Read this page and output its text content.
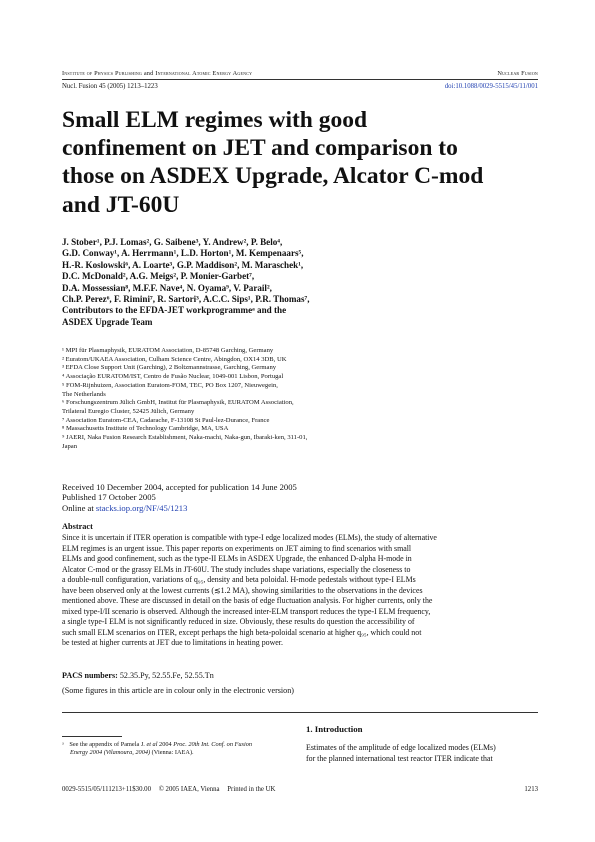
Institute of Physics Publishing and International Atomic Energy Agency	Nuclear Fusion
Nucl. Fusion 45 (2005) 1213–1223	doi:10.1088/0029-5515/45/11/001
Small ELM regimes with good
confinement on JET and comparison to
those on ASDEX Upgrade, Alcator C-mod
and JT-60U
J. Stober¹, P.J. Lomas², G. Saibene³, Y. Andrew², P. Belo⁴,
G.D. Conway¹, A. Herrmann¹, L.D. Horton¹, M. Kempenaars⁵,
H.-R. Koslowski⁶, A. Loarte³, G.P. Maddison², M. Maraschek¹,
D.C. McDonald², A.G. Meigs², P. Monier-Garbet⁷,
D.A. Mossessian⁸, M.F.F. Nave⁴, N. Oyama⁹, V. Parail²,
Ch.P. Perez⁶, F. Rimini⁷, R. Sartori³, A.C.C. Sips¹, P.R. Thomas⁷,
Contributors to the EFDA-JET workprogrammeᵃ and the
ASDEX Upgrade Team
¹ MPI für Plasmaphysik, EURATOM Association, D-85748 Garching, Germany
² Euratom/UKAEA Association, Culham Science Centre, Abingdon, OX14 3DB, UK
³ EFDA Close Support Unit (Garching), 2 Boltzmannstrasse, Garching, Germany
⁴ Associação EURATOM/IST, Centro de Fusão Nuclear, 1049-001 Lisbon, Portugal
⁵ FOM-Rijnhuizen, Association Euratom-FOM, TEC, PO Box 1207, Nieuwegein,
The Netherlands
⁶ Forschungszentrum Jülich GmbH, Institut für Plasmaphysik, EURATOM Association,
Trilateral Euregio Cluster, 52425 Jülich, Germany
⁷ Association Euratom-CEA, Cadarache, F-13108 St Paul-lez-Durance, France
⁸ Massachusetts Institute of Technology Cambridge, MA, USA
⁹ JAERI, Naka Fusion Research Establishment, Naka-machi, Naka-gun, Ibaraki-ken, 311-01,
Japan
Received 10 December 2004, accepted for publication 14 June 2005
Published 17 October 2005
Online at stacks.iop.org/NF/45/1213
Abstract
Since it is uncertain if ITER operation is compatible with type-I edge localized modes (ELMs), the study of alternative
ELM regimes is an urgent issue. This paper reports on experiments on JET aiming to find scenarios with small
ELMs and good confinement, such as the type-II ELMs in ASDEX Upgrade, the enhanced D-alpha H-mode in
Alcator C-mod or the grassy ELMs in JT-60U. The study includes shape variations, especially the closeness to
a double-null configuration, variations of q₉₅, density and beta poloidal. H-mode pedestals without type-I ELMs
have been observed only at the lowest currents (≲1.2 MA), showing similarities to the observations in the devices
mentioned above. These are discussed in detail on the basis of edge fluctuation analysis. For higher currents, only the
mixed type-I/II scenario is observed. Although the increased inter-ELM transport reduces the type-I ELM frequency,
a single type-I ELM is not significantly reduced in size. Obviously, these results do question the accessibility of
such small ELM scenarios on ITER, except perhaps the high beta-poloidal scenario at higher q₉₅, which could not
be tested at higher currents at JET due to limitations in heating power.
PACS numbers: 52.35.Py, 52.55.Fe, 52.55.Tn
(Some figures in this article are in colour only in the electronic version)
1. Introduction
Estimates of the amplitude of edge localized modes (ELMs)
for the planned international test reactor ITER indicate that
ᵃ See the appendix of Pamela J. et al 2004 Proc. 20th Int. Conf. on Fusion
Energy 2004 (Vilamoura, 2004) (Vienna: IAEA).
0029-5515/05/111213+11$30.00 © 2005 IAEA, Vienna Printed in the UK	1213
